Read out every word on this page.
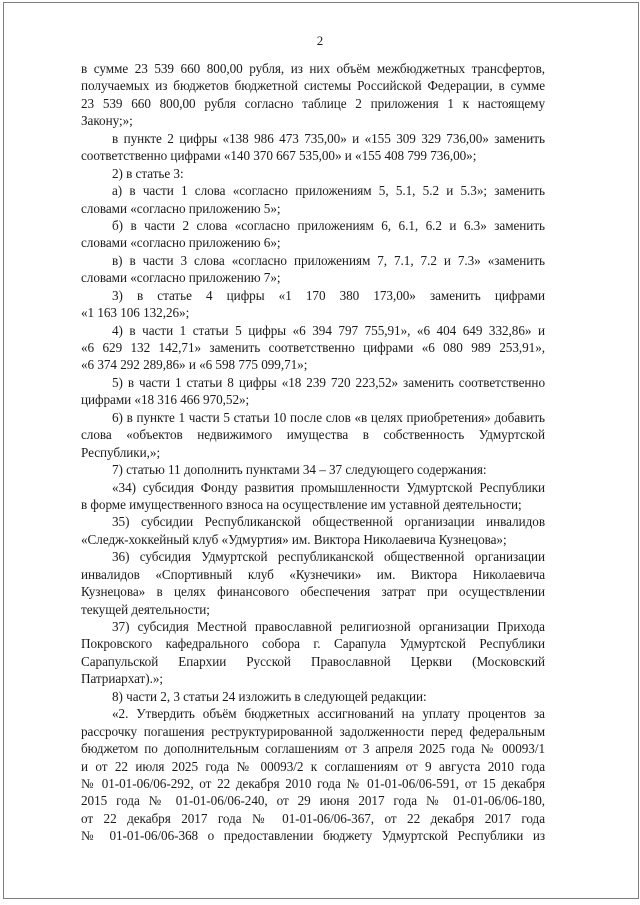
2
в сумме 23 539 660 800,00 рубля, из них объём межбюджетных трансфертов,
получаемых из бюджетов бюджетной системы Российской Федерации, в сумме
23 539 660 800,00 рубля согласно таблице 2 приложения 1 к настоящему
Закону;»;
в пункте 2 цифры «138 986 473 735,00» и «155 309 329 736,00» заменить
соответственно цифрами «140 370 667 535,00» и «155 408 799 736,00»;
2) в статье 3:
а) в части 1 слова «согласно приложениям 5, 5.1, 5.2 и 5.3»; заменить
словами «согласно приложению 5»;
б) в части 2 слова «согласно приложениям 6, 6.1, 6.2 и 6.3» заменить
словами «согласно приложению 6»;
в) в части 3 слова «согласно приложениям 7, 7.1, 7.2 и 7.3» «заменить
словами «согласно приложению 7»;
3) в статье 4 цифры «1 170 380 173,00» заменить цифрами
«1 163 106 132,26»;
4) в части 1 статьи 5 цифры «6 394 797 755,91», «6 404 649 332,86» и
«6 629 132 142,71» заменить соответственно цифрами «6 080 989 253,91»,
«6 374 292 289,86» и «6 598 775 099,71»;
5) в части 1 статьи 8 цифры «18 239 720 223,52» заменить соответственно
цифрами «18 316 466 970,52»;
6) в пункте 1 части 5 статьи 10 после слов «в целях приобретения» добавить
слова «объектов недвижимого имущества в собственность Удмуртской
Республики,»;
7) статью 11 дополнить пунктами 34 – 37 следующего содержания:
«34) субсидия Фонду развития промышленности Удмуртской Республики
в форме имущественного взноса на осуществление им уставной деятельности;
35) субсидии Республиканской общественной организации инвалидов
«Следж-хоккейный клуб «Удмуртия» им. Виктора Николаевича Кузнецова»;
36) субсидия Удмуртской республиканской общественной организации
инвалидов «Спортивный клуб «Кузнечики» им. Виктора Николаевича
Кузнецова» в целях финансового обеспечения затрат при осуществлении
текущей деятельности;
37) субсидия Местной православной религиозной организации Прихода
Покровского кафедрального собора г. Сарапула Удмуртской Республики
Сарапульской Епархии Русской Православной Церкви (Московский
Патриархат).»;
8) части 2, 3 статьи 24 изложить в следующей редакции:
«2. Утвердить объём бюджетных ассигнований на уплату процентов за
рассрочку погашения реструктурированной задолженности перед федеральным
бюджетом по дополнительным соглашениям от 3 апреля 2025 года № 00093/1
и от 22 июля 2025 года № 00093/2 к соглашениям от 9 августа 2010 года
№ 01-01-06/06-292, от 22 декабря 2010 года № 01-01-06/06-591, от 15 декабря
2015 года № 01-01-06/06-240, от 29 июня 2017 года № 01-01-06/06-180,
от 22 декабря 2017 года № 01-01-06/06-367, от 22 декабря 2017 года
№ 01-01-06/06-368 о предоставлении бюджету Удмуртской Республики из
